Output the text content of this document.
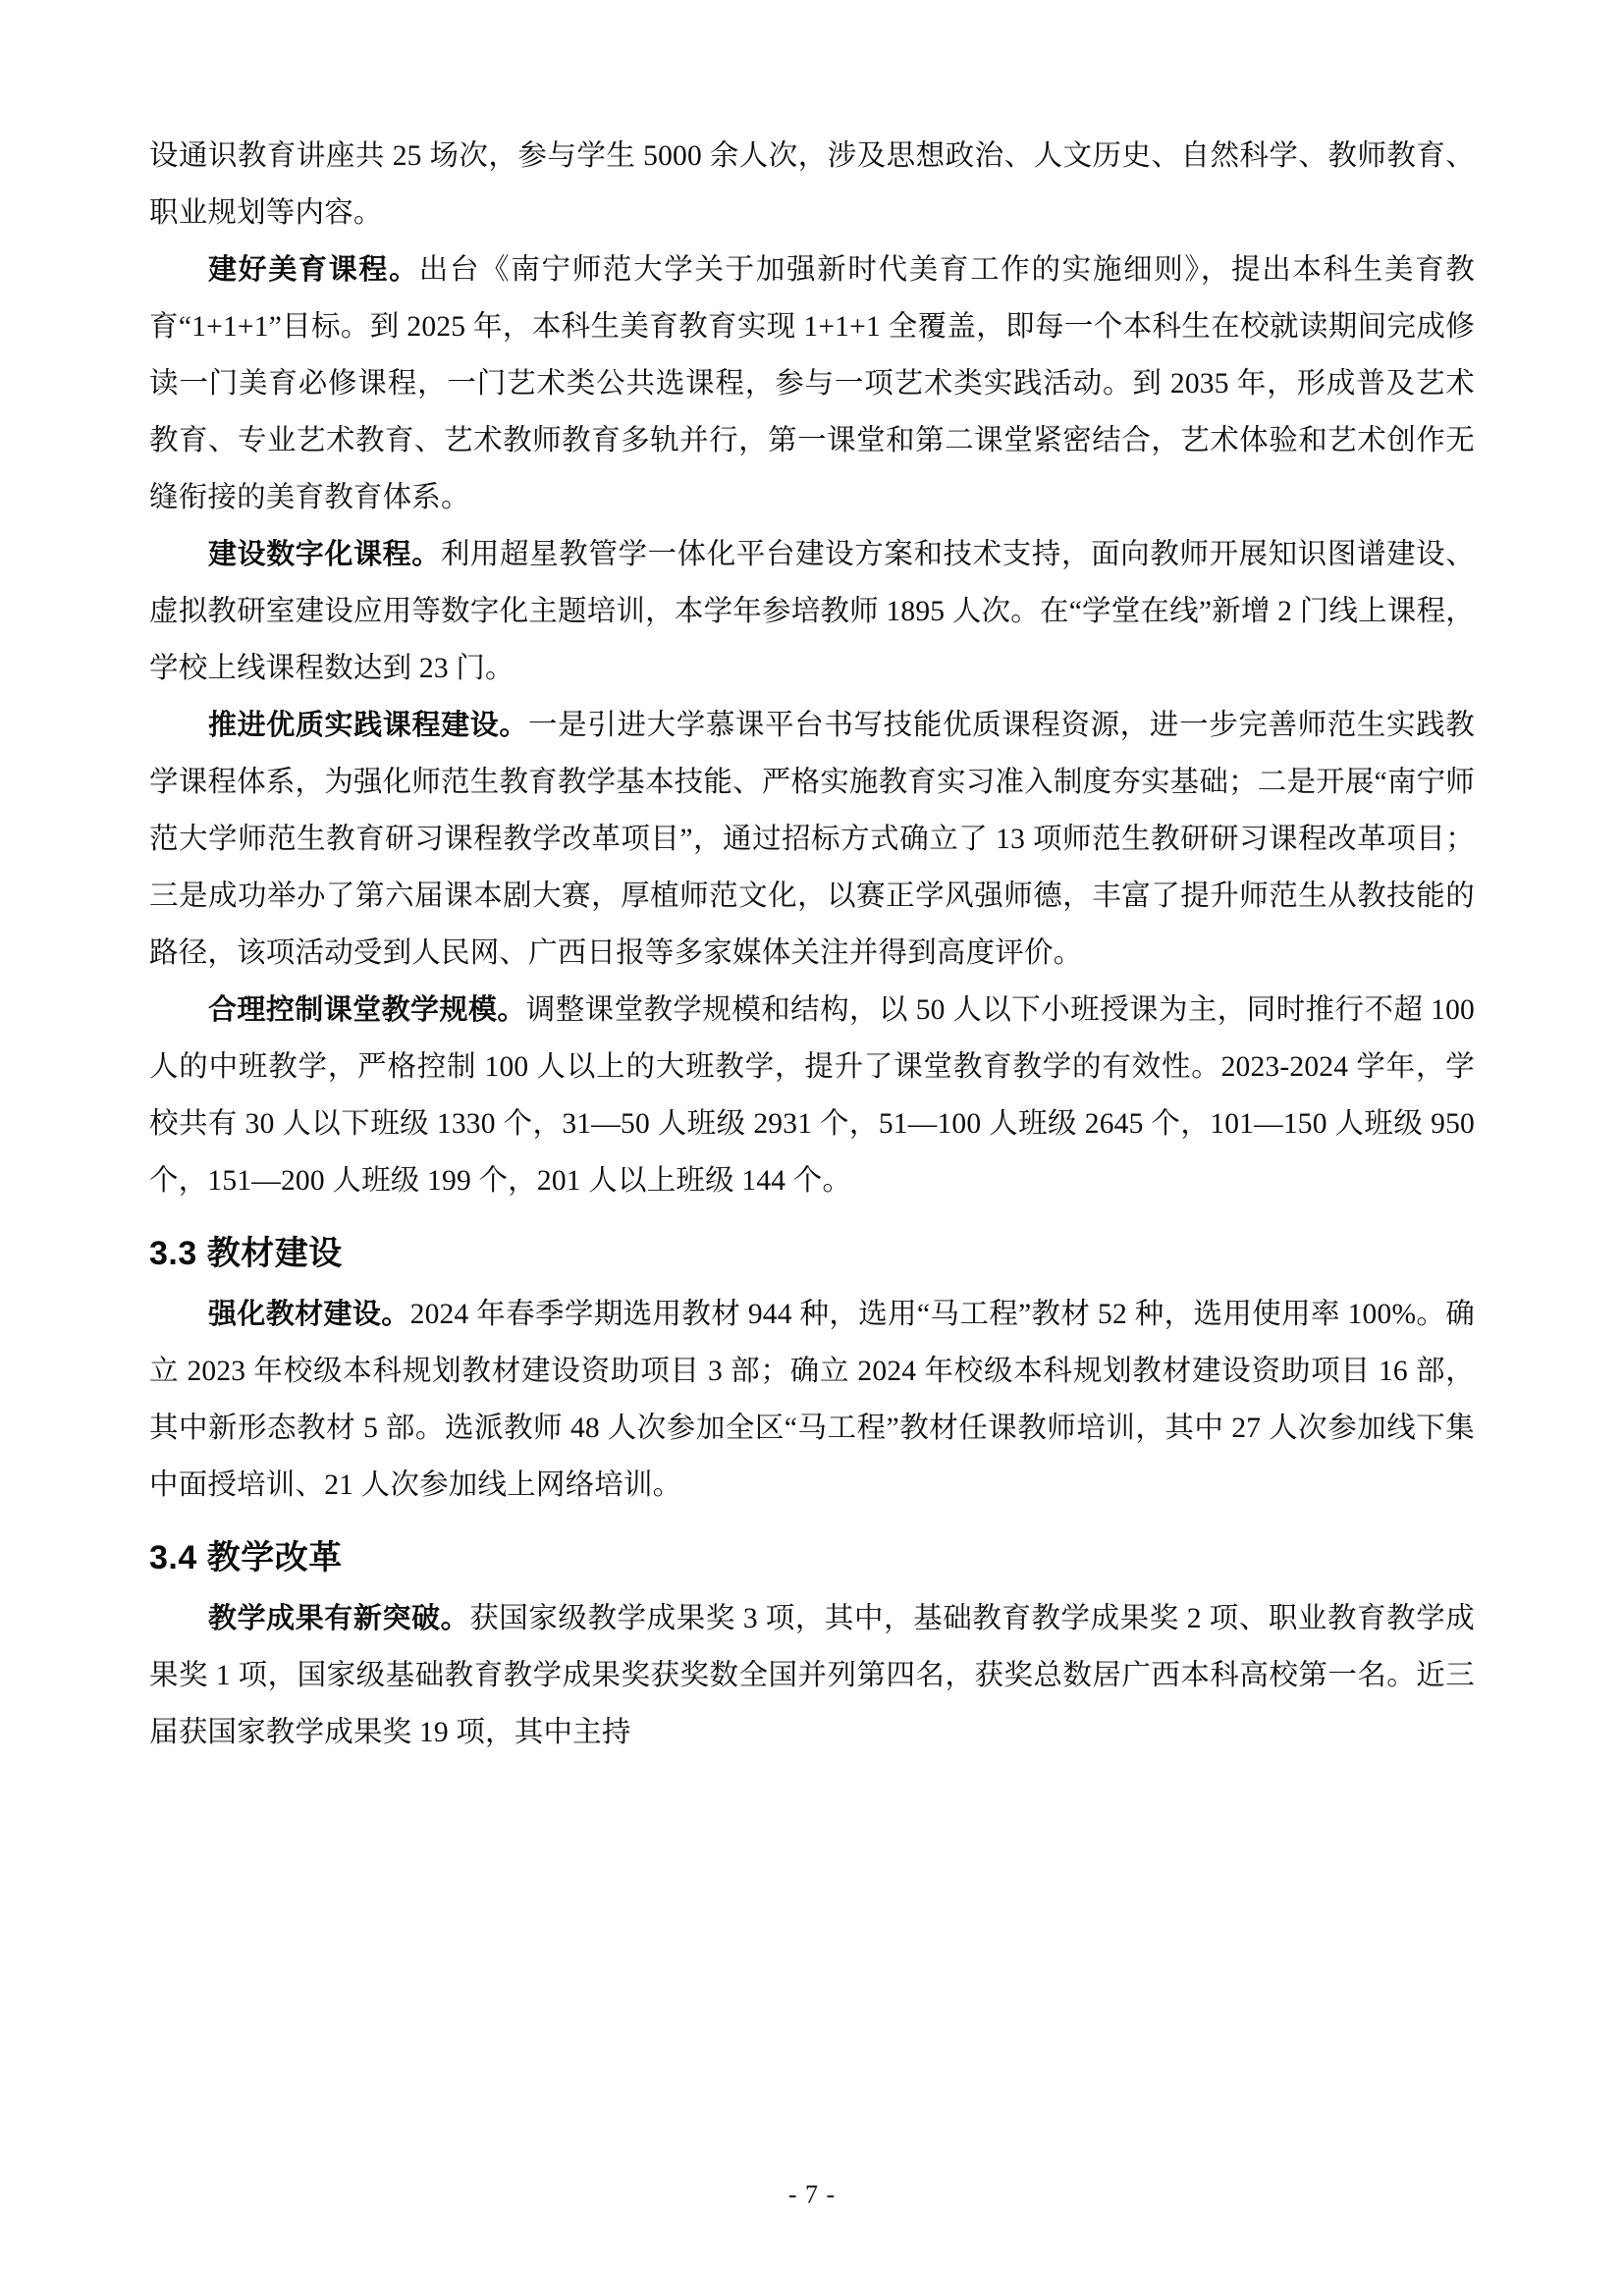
设通识教育讲座共 25 场次，参与学生 5000 余人次，涉及思想政治、人文历史、自然科学、教师教育、职业规划等内容。

建好美育课程。出台《南宁师范大学关于加强新时代美育工作的实施细则》，提出本科生美育教育“1+1+1”目标。到 2025 年，本科生美育教育实现 1+1+1 全覆盖，即每一个本科生在校就读期间完成修读一门美育必修课程，一门艺术类公共选课程，参与一项艺术类实践活动。到 2035 年，形成普及艺术教育、专业艺术教育、艺术教师教育多轨并行，第一课堂和第二课堂紧密结合，艺术体验和艺术创作无缝衔接的美育教育体系。

建设数字化课程。利用超星教管学一体化平台建设方案和技术支持，面向教师开展知识图谱建设、虚拟教研室建设应用等数字化主题培训，本学年参培教师 1895 人次。在“学堂在线”新增 2 门线上课程，学校上线课程数达到 23 门。

推进优质实践课程建设。一是引进大学慕课平台书写技能优质课程资源，进一步完善师范生实践教学课程体系，为强化师范生教育教学基本技能、严格实施教育实习准入制度夯实基础；二是开展“南宁师范大学师范生教育研习课程教学改革项目”，通过招标方式确立了 13 项师范生教研研习课程改革项目；三是成功举办了第六届课本剧大赛，厚植师范文化，以赛正学风强师德，丰富了提升师范生从教技能的路径，该项活动受到人民网、广西日报等多家媒体关注并得到高度评价。

合理控制课堂教学规模。调整课堂教学规模和结构，以 50 人以下小班授课为主，同时推行不超 100 人的中班教学，严格控制 100 人以上的大班教学，提升了课堂教育教学的有效性。2023-2024 学年，学校共有 30 人以下班级 1330 个，31—50 人班级 2931 个，51—100 人班级 2645 个，101—150 人班级 950 个，151—200 人班级 199 个，201 人以上班级 144 个。

3.3 教材建设

强化教材建设。2024 年春季学期选用教材 944 种，选用“马工程”教材 52 种，选用使用率 100%。确立 2023 年校级本科规划教材建设资助项目 3 部；确立 2024 年校级本科规划教材建设资助项目 16 部，其中新形态教材 5 部。选派教师 48 人次参加全区“马工程”教材任课教师培训，其中 27 人次参加线下集中面授培训、21 人次参加线上网络培训。

3.4 教学改革

教学成果有新突破。获国家级教学成果奖 3 项，其中，基础教育教学成果奖 2 项、职业教育教学成果奖 1 项，国家级基础教育教学成果奖获奖数全国并列第四名，获奖总数居广西本科高校第一名。近三届获国家教学成果奖 19 项，其中主持

- 7 -
